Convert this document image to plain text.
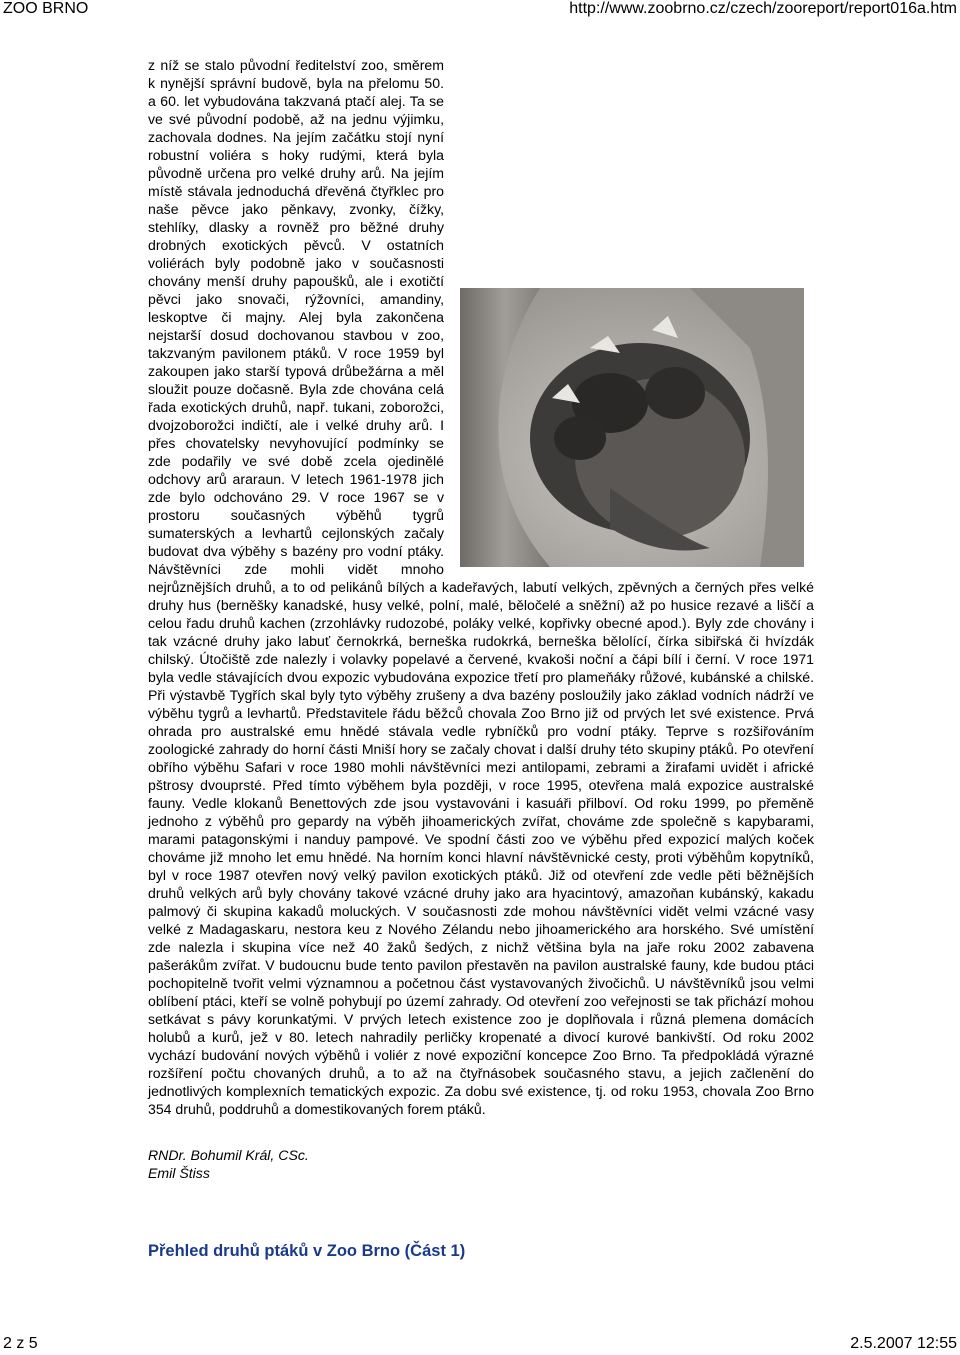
ZOO BRNO	http://www.zoobrno.cz/czech/zooreport/report016a.htm

z níž se stalo původní ředitelství zoo, směrem k nynější správní budově, byla na přelomu 50. a 60. let vybudována takzvaná ptačí alej. Ta se ve své původní podobě, až na jednu výjimku, zachovala dodnes. Na jejím začátku stojí nyní robustní voliéra s hoky rudými, která byla původně určena pro velké druhy arů. Na jejím místě stávala jednoduchá dřevěná čtyřklec pro naše pěvce jako pěnkavy, zvonky, čížky, stehlíky, dlasky a rovněž pro běžné druhy drobných exotických pěvců. V ostatních voliérách byly podobně jako v současnosti chovány menší druhy papoušků, ale i exotičtí pěvci jako snovači, rýžovníci, amandiny, leskoptve či majny. Alej byla zakončena nejstarší dosud dochovanou stavbou v zoo, takzvaným pavilonem ptáků. V roce 1959 byl zakoupen jako starší typová drůbežárna a měl sloužit pouze dočasně. Byla zde chována celá řada exotických druhů, např. tukani, zoborožci, dvojzoborožci indičtí, ale i velké druhy arů. I přes chovatelsky nevyhovující podmínky se zde podařily ve své době zcela ojedinělé odchovy arů araraun. V letech 1961-1978 jich zde bylo odchováno 29. V roce 1967 se v prostoru současných výběhů tygrů sumaterských a levhartů cejlonských začaly budovat dva výběhy s bazény pro vodní ptáky. Návštěvníci zde mohli vidět mnoho nejrůznějších druhů, a to od pelikánů bílých a kadeřavých, labutí velkých, zpěvných a černých přes velké druhy hus (berněšky kanadské, husy velké, polní, malé, běločelé a sněžní) až po husice rezavé a liščí a celou řadu druhů kachen (zrzohlávky rudozobé, poláky velké, kopřivky obecné apod.). Byly zde chovány i tak vzácné druhy jako labuť černokrká, berneška rudokrká, berneška bělolící, čírka sibiřská či hvízdák chilský. Útočiště zde nalezly i volavky popelavé a červené, kvakoši noční a čápi bílí i černí. V roce 1971 byla vedle stávajících dvou expozic vybudována expozice třetí pro plameňáky růžové, kubánské a chilské. Při výstavbě Tygřích skal byly tyto výběhy zrušeny a dva bazény posloužily jako základ vodních nádrží ve výběhu tygrů a levhartů. Představitele řádu běžců chovala Zoo Brno již od prvých let své existence. Prvá ohrada pro australské emu hnědé stávala vedle rybníčků pro vodní ptáky. Teprve s rozšiřováním zoologické zahrady do horní části Mniší hory se začaly chovat i další druhy této skupiny ptáků. Po otevření obřího výběhu Safari v roce 1980 mohli návštěvníci mezi antilopami, zebrami a žirafami uvidět i africké pštrosy dvouprsté. Před tímto výběhem byla později, v roce 1995, otevřena malá expozice australské fauny. Vedle klokanů Benettových zde jsou vystavováni i kasuáři přilboví. Od roku 1999, po přeměně jednoho z výběhů pro gepardy na výběh jihoamerických zvířat, chováme zde společně s kapybarami, marami patagonskými i nanduy pampové. Ve spodní části zoo ve výběhu před expozicí malých koček chováme již mnoho let emu hnědé. Na horním konci hlavní návštěvnické cesty, proti výběhům kopytníků, byl v roce 1987 otevřen nový velký pavilon exotických ptáků. Již od otevření zde vedle pěti běžnějších druhů velkých arů byly chovány takové vzácné druhy jako ara hyacintový, amazoňan kubánský, kakadu palmový či skupina kakadů moluckých. V současnosti zde mohou návštěvníci vidět velmi vzácné vasy velké z Madagaskaru, nestora keu z Nového Zélandu nebo jihoamerického ara horského. Své umístění zde nalezla i skupina více než 40 žaků šedých, z nichž většina byla na jaře roku 2002 zabavena pašerákům zvířat. V budoucnu bude tento pavilon přestavěn na pavilon australské fauny, kde budou ptáci pochopitelně tvořit velmi významnou a početnou část vystavovaných živočichů. U návštěvníků jsou velmi oblíbení ptáci, kteří se volně pohybují po území zahrady. Od otevření zoo veřejnosti se tak přichází mohou setkávat s pávy korunkatými. V prvých letech existence zoo je doplňovala i různá plemena domácích holubů a kurů, jež v 80. letech nahradily perličky kropenaté a divocí kurové bankivští. Od roku 2002 vychází budování nových výběhů i voliér z nové expoziční koncepce Zoo Brno. Ta předpokládá výrazné rozšíření počtu chovaných druhů, a to až na čtyřnásobek současného stavu, a jejich začlenění do jednotlivých komplexních tematických expozic. Za dobu své existence, tj. od roku 1953, chovala Zoo Brno 354 druhů, poddruhů a domestikovaných forem ptáků.

RNDr. Bohumil Král, CSc.
Emil Štiss
Přehled druhů ptáků v Zoo Brno (Část 1)
2 z 5	2.5.2007 12:55
